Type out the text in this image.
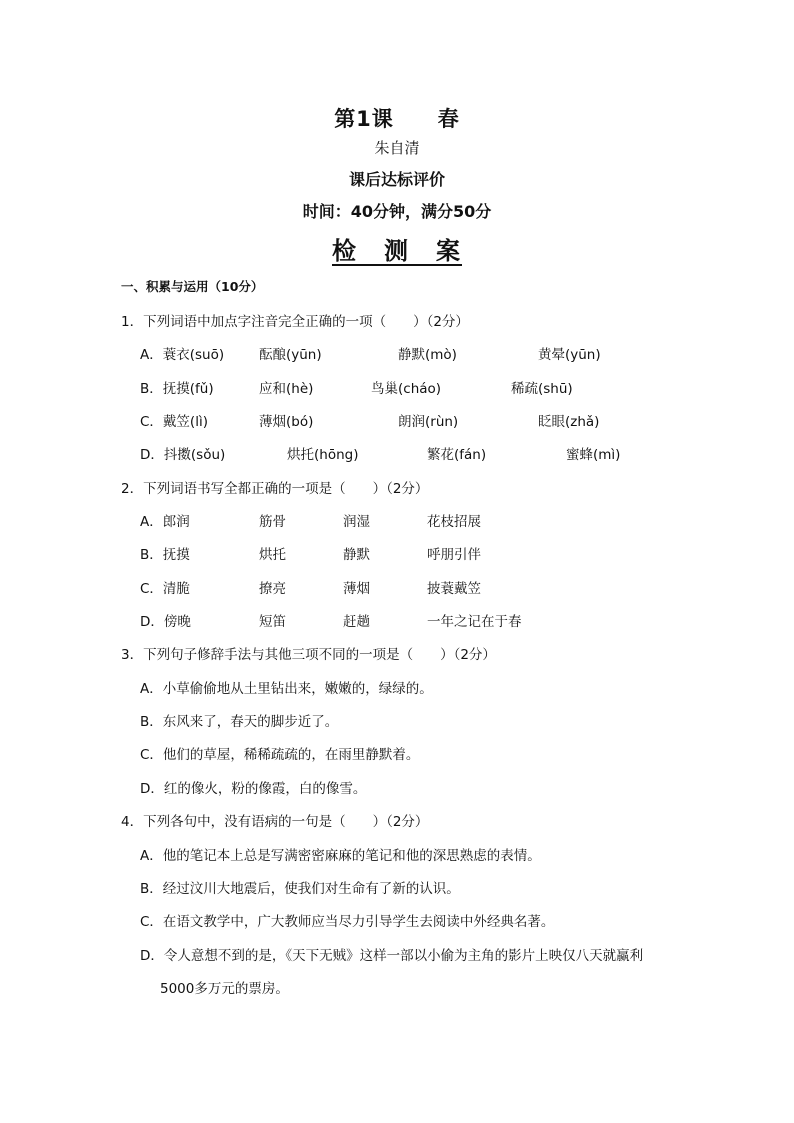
第1课　　春
朱自清
课后达标评价
时间：40分钟，满分50分
检　测　案
一、积累与运用（10分）
1．下列词语中加点字注音完全正确的一项（　　）（2分）
A．蓑衣(suō)	酝酿(yūn)	静默(mò)	黄晕(yūn)
B．抚摸(fǔ)	应和(hè)	鸟巢(cháo)	稀疏(shū)
C．戴笠(lì)	薄烟(bó)	朗润(rùn)	眨眼(zhǎ)
D．抖擞(sǒu)	烘托(hōng)	繁花(fán)	蜜蜂(mì)
2．下列词语书写全都正确的一项是（　　）（2分）
A．郎润	筋骨	润湿	花枝招展
B．抚摸	烘托	静默	呼朋引伴
C．清脆	撩亮	薄烟	披蓑戴笠
D．傍晚	短笛	赶趟	一年之记在于春
3．下列句子修辞手法与其他三项不同的一项是（　　）（2分）
A．小草偷偷地从土里钻出来，嫩嫩的，绿绿的。
B．东风来了，春天的脚步近了。
C．他们的草屋，稀稀疏疏的，在雨里静默着。
D．红的像火，粉的像霞，白的像雪。
4．下列各句中，没有语病的一句是（　　）（2分）
A．他的笔记本上总是写满密密麻麻的笔记和他的深思熟虑的表情。
B．经过汶川大地震后，使我们对生命有了新的认识。
C．在语文教学中，广大教师应当尽力引导学生去阅读中外经典名著。
D．令人意想不到的是，《天下无贼》这样一部以小偷为主角的影片上映仅八天就赢利
5000多万元的票房。
